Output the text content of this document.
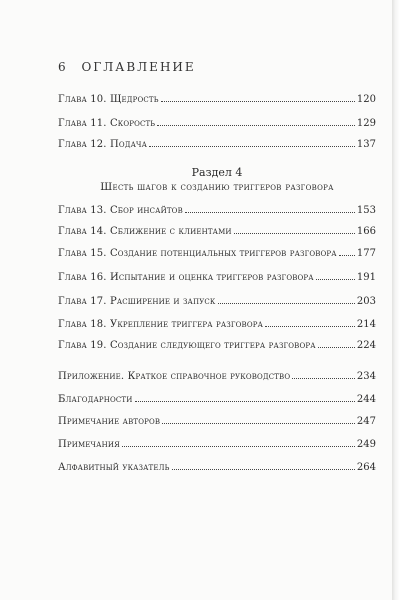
6 ОГЛАВЛЕНИЕ
Глава 10. Щедрость	120
Глава 11. Скорость	129
Глава 12. Подача	137
Раздел 4
Шесть шагов к созданию триггеров разговора
Глава 13. Сбор инсайтов	153
Глава 14. Сближение с клиентами	166
Глава 15. Создание потенциальных триггеров разговора 177
Глава 16. Испытание и оценка триггеров разговора	191
Глава 17. Расширение и запуск	203
Глава 18. Укрепление триггера разговора	214
Глава 19. Создание следующего триггера разговора	224
Приложение. Краткое справочное руководство	234
Благодарности	244
Примечание авторов	247
Примечания	249
Алфавитный указатель	264
